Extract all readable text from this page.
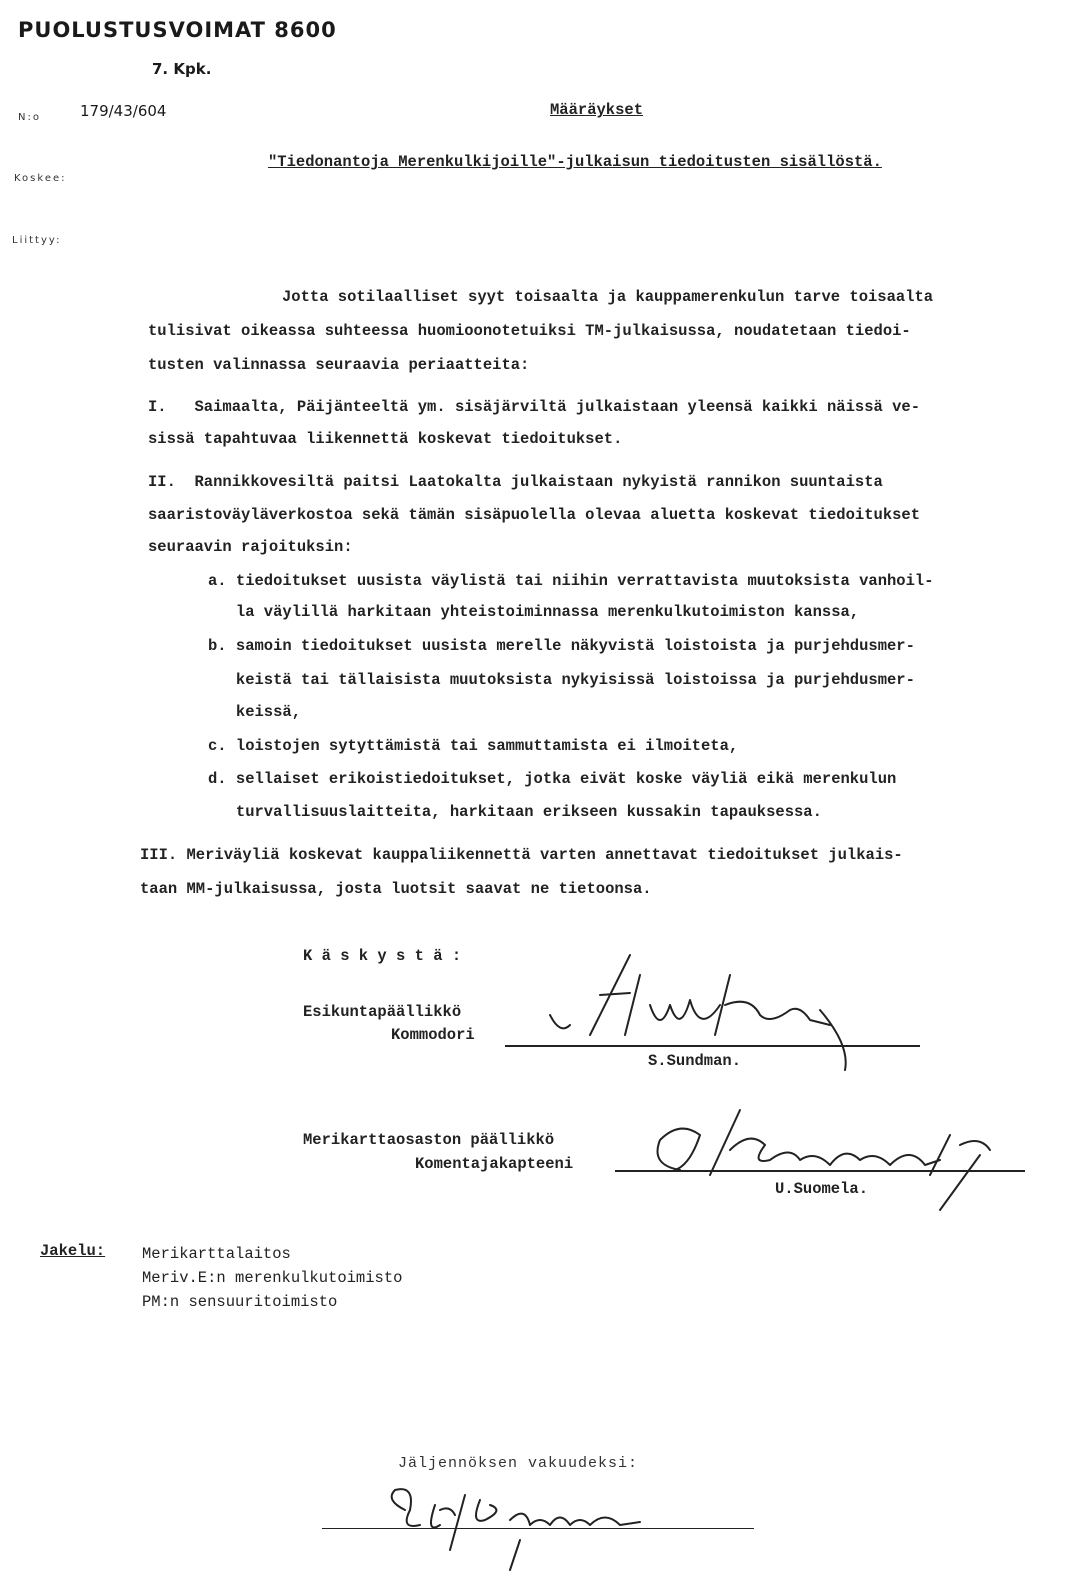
PUOLUSTUSVOIMAT 8600
7. Kpk.
N:o	179/43/604	Määräykset
Koskee:
"Tiedonantoja Merenkulkijoille"-julkaisun tiedoitusten sisällöstä.
Liittyy:
Jotta sotilaalliset syyt toisaalta ja kauppamerenkulun tarve toisaalta
tulisivat oikeassa suhteessa huomioonotetuiksi TM-julkaisussa, noudatetaan tiedoi-
tusten valinnassa seuraavia periaatteita:
I.   Saimaalta, Päijänteeltä ym. sisäjärviltä julkaistaan yleensä kaikki näissä ve-
sissä tapahtuvaa liikennettä koskevat tiedoitukset.
II.  Rannikkovesiltä paitsi Laatokalta julkaistaan nykyistä rannikon suuntaista
saaristoväyläverkostoa sekä tämän sisäpuolella olevaa aluetta koskevat tiedoitukset
seuraavin rajoituksin:
a. tiedoitukset uusista väylistä tai niihin verrattavista muutoksista vanhoil-
la väylillä harkitaan yhteistoiminnassa merenkulkutoimiston kanssa,
b. samoin tiedoitukset uusista merelle näkyvistä loistoista ja purjehdusmer-
keistä tai tällaisista muutoksista nykyisissä loistoissa ja purjehdusmer-
keissä,
c. loistojen sytyttämistä tai sammuttamista ei ilmoiteta,
d. sellaiset erikoistiedoitukset, jotka eivät koske väyliä eikä merenkulun
turvallisuuslaitteita, harkitaan erikseen kussakin tapauksessa.
III. Meriväyliä koskevat kauppaliikennettä varten annettavat tiedoitukset julkais-
taan MM-julkaisussa, josta luotsit saavat ne tietoonsa.
K ä s k y s t ä :
Esikuntapäällikkö
Kommodori
S.Sundman.
Merikarttaosaston päällikkö
Komentajakapteeni
U.Suomela.
Jakelu: Merikarttalaitos
Meriv.E:n merenkulkutoimisto
PM:n sensuuritoimisto
Jäljennöksen vakuudeksi:
